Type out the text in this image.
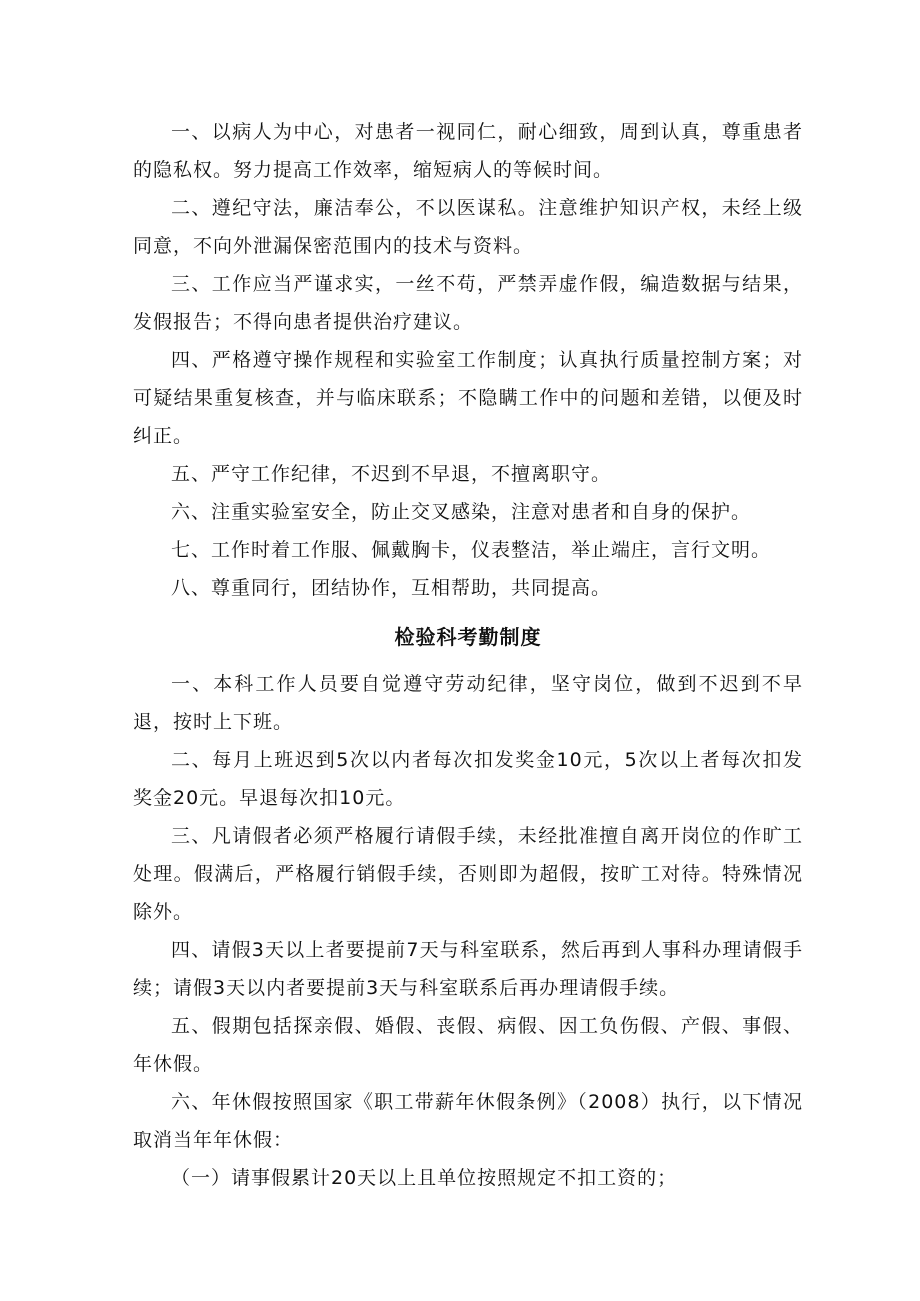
一、以病人为中心，对患者一视同仁，耐心细致，周到认真，尊重患者的隐私权。努力提高工作效率，缩短病人的等候时间。

二、遵纪守法，廉洁奉公，不以医谋私。注意维护知识产权，未经上级同意，不向外泄漏保密范围内的技术与资料。

三、工作应当严谨求实，一丝不苟，严禁弄虚作假，编造数据与结果，发假报告；不得向患者提供治疗建议。

四、严格遵守操作规程和实验室工作制度；认真执行质量控制方案；对可疑结果重复核查，并与临床联系；不隐瞒工作中的问题和差错，以便及时纠正。

五、严守工作纪律，不迟到不早退，不擅离职守。

六、注重实验室安全，防止交叉感染，注意对患者和自身的保护。

七、工作时着工作服、佩戴胸卡，仪表整洁，举止端庄，言行文明。

八、尊重同行，团结协作，互相帮助，共同提高。

检验科考勤制度

一、本科工作人员要自觉遵守劳动纪律，坚守岗位，做到不迟到不早退，按时上下班。

二、每月上班迟到5次以内者每次扣发奖金10元，5次以上者每次扣发奖金20元。早退每次扣10元。

三、凡请假者必须严格履行请假手续，未经批准擅自离开岗位的作旷工处理。假满后，严格履行销假手续，否则即为超假，按旷工对待。特殊情况除外。

四、请假3天以上者要提前7天与科室联系，然后再到人事科办理请假手续；请假3天以内者要提前3天与科室联系后再办理请假手续。

五、假期包括探亲假、婚假、丧假、病假、因工负伤假、产假、事假、年休假。

六、年休假按照国家《职工带薪年休假条例》（2008）执行，以下情况取消当年年休假：

（一）请事假累计20天以上且单位按照规定不扣工资的；
